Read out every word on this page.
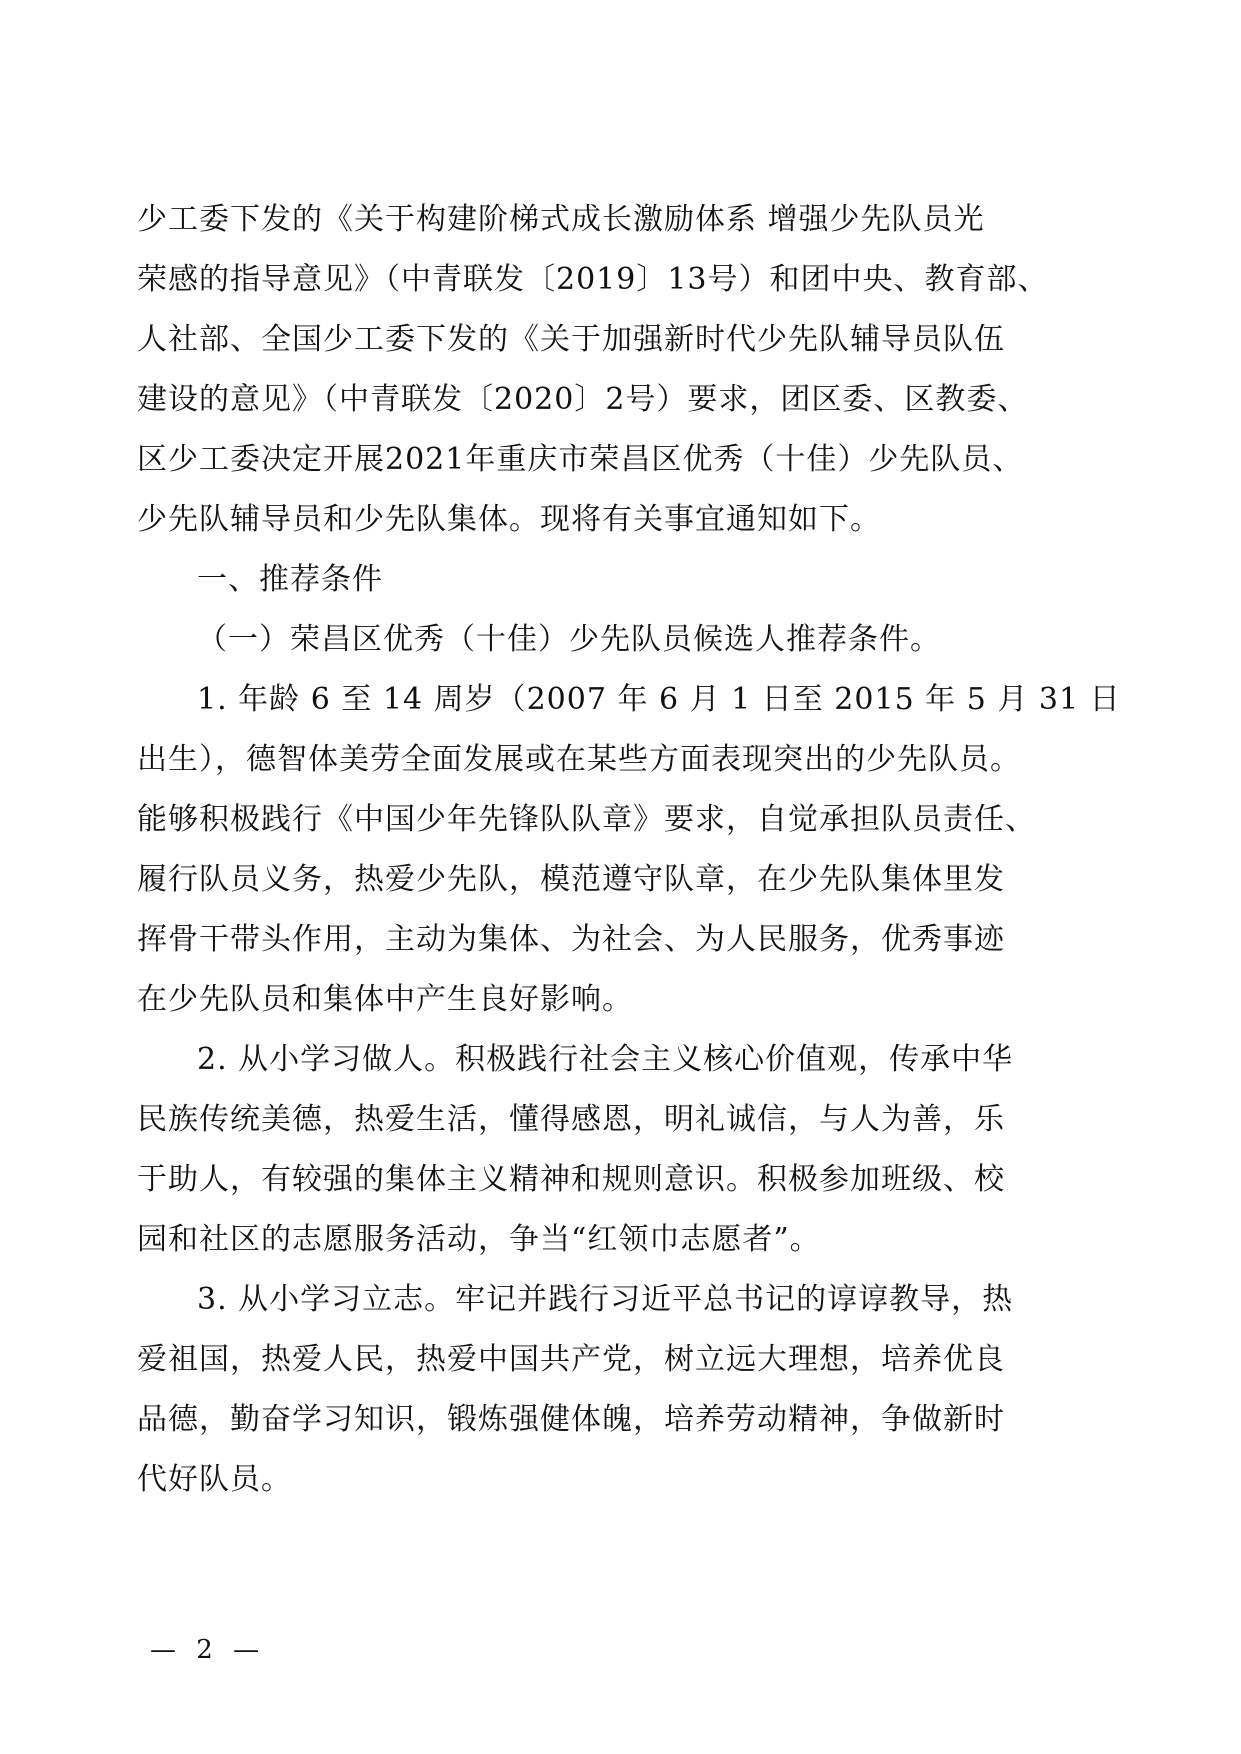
少工委下发的《关于构建阶梯式成长激励体系 增强少先队员光
荣感的指导意见》（中青联发〔2019〕13号）和团中央、教育部、
人社部、全国少工委下发的《关于加强新时代少先队辅导员队伍
建设的意见》（中青联发〔2020〕2号）要求，团区委、区教委、
区少工委决定开展2021年重庆市荣昌区优秀（十佳）少先队员、
少先队辅导员和少先队集体。现将有关事宜通知如下。
一、推荐条件
（一）荣昌区优秀（十佳）少先队员候选人推荐条件。
1. 年龄 6 至 14 周岁（2007 年 6 月 1 日至 2015 年 5 月 31 日
出生），德智体美劳全面发展或在某些方面表现突出的少先队员。
能够积极践行《中国少年先锋队队章》要求，自觉承担队员责任、
履行队员义务，热爱少先队，模范遵守队章，在少先队集体里发
挥骨干带头作用，主动为集体、为社会、为人民服务，优秀事迹
在少先队员和集体中产生良好影响。
2. 从小学习做人。积极践行社会主义核心价值观，传承中华
民族传统美德，热爱生活，懂得感恩，明礼诚信，与人为善，乐
于助人，有较强的集体主义精神和规则意识。积极参加班级、校
园和社区的志愿服务活动，争当“红领巾志愿者”。
3. 从小学习立志。牢记并践行习近平总书记的谆谆教导，热
爱祖国，热爱人民，热爱中国共产党，树立远大理想，培养优良
品德，勤奋学习知识，锻炼强健体魄，培养劳动精神，争做新时
代好队员。
— 2 —
